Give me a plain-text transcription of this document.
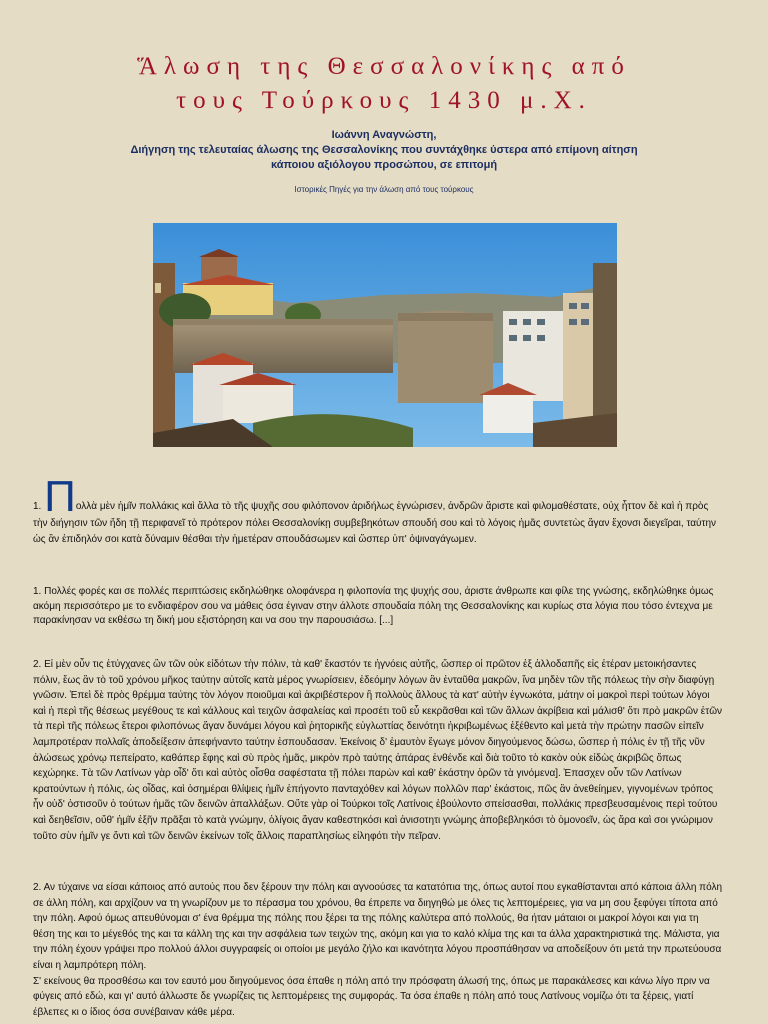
Ἅλωση της Θεσσαλονίκης από
τους Τούρκους 1430 μ.Χ.
Ιωάννη Αναγνώστη,
Διήγηση της τελευταίας άλωσης της Θεσσαλονίκης που συντάχθηκε ύστερα από επίμονη αίτηση
κάποιου αξιόλογου προσώπου, σε επιτομή
Ιστορικές Πηγές για την άλωση από τους τούρκους

1. Πολλὰ μὲν ἡμῖν πολλάκις καὶ ἄλλα τὸ τῆς ψυχῆς σου φιλόπονον ἀριδήλως ἐγνώρισεν, ἀνδρῶν ἄριστε καὶ φιλομαθέστατε, οὐχ ἧττον δὲ καὶ ἡ πρὸς τὴν διήγησιν τῶν ἤδη τῇ περιφανεῖ τὸ πρότερον πόλει Θεσσαλονίκῃ συμβεβηκότων σπουδή σου καὶ τὸ λόγοις ἡμᾶς συντετὼς ἄγαν ἔχονσι διεγεῖραι, ταύτην ὡς ἂν ἐπιδηλόν σοι κατὰ δύναμιν θέσθαι τὴν ἡμετέραν σπουδάσωμεν καὶ ὥσπερ ὑπ' ὀψιναγάγωμεν.

1. Πολλές φορές και σε πολλές περιπτώσεις εκδηλώθηκε ολοφάνερα η φιλοπονία της ψυχής σου, άριστε άνθρωπε και φίλε της γνώσης, εκδηλώθηκε όμως ακόμη περισσότερο με το ενδιαφέρον σου να μάθεις όσα έγιναν στην άλλοτε σπουδαία πόλη της Θεσσαλονίκης και κυρίως στα λόγια που τόσο έντεχνα με παρακίνησαν να εκθέσω τη δική μου εξιστόρηση και να σου την παρουσιάσω. [...]

2. Εἰ μὲν οὖν τις ἐτύγχανες ὢν τῶν οὐκ εἰδότων τὴν πόλιν, τὰ καθ' ἕκαστόν τε ἠγνόεις αὐτῆς, ὥσπερ οἱ πρῶτον ἐξ ἀλλοδαπῆς εἰς ἑτέραν μετοικήσαντες πόλιν, ἕως ἂν τὸ τοῦ χρόνου μῆκος ταύτην αὐτοῖς κατὰ μέρος γνωρίσειεν, ἐδεόμην λόγων ἂν ἐνταῦθα μακρῶν, ἵνα μηδὲν τῶν τῆς πόλεως τὴν σὴν διαφύγῃ γνῶσιν. Ἐπεὶ δὲ πρὸς θρέμμα ταύτης τὸν λόγον ποιοῦμαι καὶ ἀκριβέστερον ἢ πολλοὺς ἄλλους τὰ κατ' αὐτὴν ἐγνωκότα, μάτην οἱ μακροὶ περὶ τούτων λόγοι καὶ ἡ περὶ τῆς θέσεως μεγέθους τε καὶ κάλλους καὶ τειχῶν ἀσφαλείας καὶ προσέτι τοῦ εὖ κεκρᾶσθαι καὶ τῶν ἄλλων ἀκρίβεια καὶ μάλισθ' ὅτι πρὸ μακρῶν ἐτῶν τὰ περὶ τῆς πόλεως ἕτεροι φιλοπόνως ἄγαν δυνάμει λόγου καὶ ῥητορικῆς εὐγλωττίας δεινότητι ἠκριβωμένως ἐξέθεντο καὶ μετὰ τὴν πρώτην πασῶν εἰπεῖν λαμπροτέραν πολλαῖς ἀποδείξεσιν ἀπεφήναντο ταύτην ἐσπουδασαν. Ἐκείνοις δ' ἐμαυτὸν ἔγωγε μόνον διηγούμενος δώσω, ὥσπερ ἡ πόλις ἐν τῇ τῆς νῦν ἀλώσεως χρόνῳ πεπείρατο, καθάπερ ἔφης καὶ σὺ πρὸς ἡμᾶς, μικρὸν πρὸ ταύτης ἀπάρας ἐνθένδε καὶ διὰ τοῦτο τὸ κακὸν οὐκ εἰδὼς ἀκριβῶς ὅπως κεχώρηκε. Τὰ τῶν Λατίνων γὰρ οἶδ' ὅτι καὶ αὐτὸς οἶσθα σαφέστατα τῇ πόλει παρὼν καὶ καθ' ἑκάστην ὁρῶν τὰ γινόμενα]. Ἐπασχεν οὖν τῶν Λατίνων κρατούντων ἡ πόλις, ὡς οἶδας, καὶ ὁσημέραι θλίψεις ἡμῖν ἐπήγοντο πανταχόθεν καὶ λόγων πολλῶν παρ' ἑκάστοις, πῶς ἂν ἀνεθείημεν, γιγνομένων τρόπος ἦν οὐδ' ὁστισοῦν ὁ τούτων ἡμᾶς τῶν δεινῶν ἀπαλλάξων. Οὔτε γὰρ οἱ Τούρκοι τοῖς Λατίνοις ἐβούλοντο σπείσασθαι, πολλάκις πρεσβευσαμένοις περὶ τούτου καὶ δεηθεῖσιν, οὔθ' ἡμῖν ἐξῆν πρᾶξαι τὸ κατὰ γνώμην, ὀλίγοις ἄγαν καθεστηκόσι καὶ ἀνισοτητι γνώμης ἀποβεβληκόσι τὸ ὁμονοεῖν, ὡς ἄρα καὶ σοι γνώριμον τοῦτο σὺν ἡμῖν γε ὄντι καὶ τῶν δεινῶν ἐκείνων τοῖς ἄλλοις παραπλησίως εἰληφότι τὴν πεῖραν.

2. Αν τύχαινε να είσαι κάποιος από αυτούς που δεν ξέρουν την πόλη και αγνοούσες τα κατατόπια της, όπως αυτοί που εγκαθίστανται από κάποια άλλη πόλη σε άλλη πόλη, και αρχίζουν να τη γνωρίζουν με το πέρασμα του χρόνου, θα έπρεπε να διηγηθώ με όλες τις λεπτομέρειες, για να μη σου ξεφύγει τίποτα από την πόλη. Αφού όμως απευθύνομαι σ' ένα θρέμμα της πόλης που ξέρει τα της πόλης καλύτερα από πολλούς, θα ήταν μάταιοι οι μακροί λόγοι και για τη θέση της και το μέγεθός της και τα κάλλη της και την ασφάλεια των τειχών της, ακόμη και για το καλό κλίμα της και τα άλλα χαρακτηριστικά της. Μάλιστα, για την πόλη έχουν γράψει προ πολλού άλλοι συγγραφείς οι οποίοι με μεγάλο ζήλο και ικανότητα λόγου προσπάθησαν να αποδείξουν ότι μετά την πρωτεύουσα είναι η λαμπρότερη πόλη.
Σ' εκείνους θα προσθέσω και τον εαυτό μου διηγούμενος όσα έπαθε η πόλη από την πρόσφατη άλωσή της, όπως με παρακάλεσες και κάνω λίγο πριν να φύγεις από εδώ, και γι' αυτό άλλωστε δε γνωρίζεις τις λεπτομέρειες της συμφοράς. Τα όσα έπαθε η πόλη από τους Λατίνους νομίζω ότι τα ξέρεις, γιατί έβλεπες κι ο ίδιος όσα συνέβαιναν κάθε μέρα.
